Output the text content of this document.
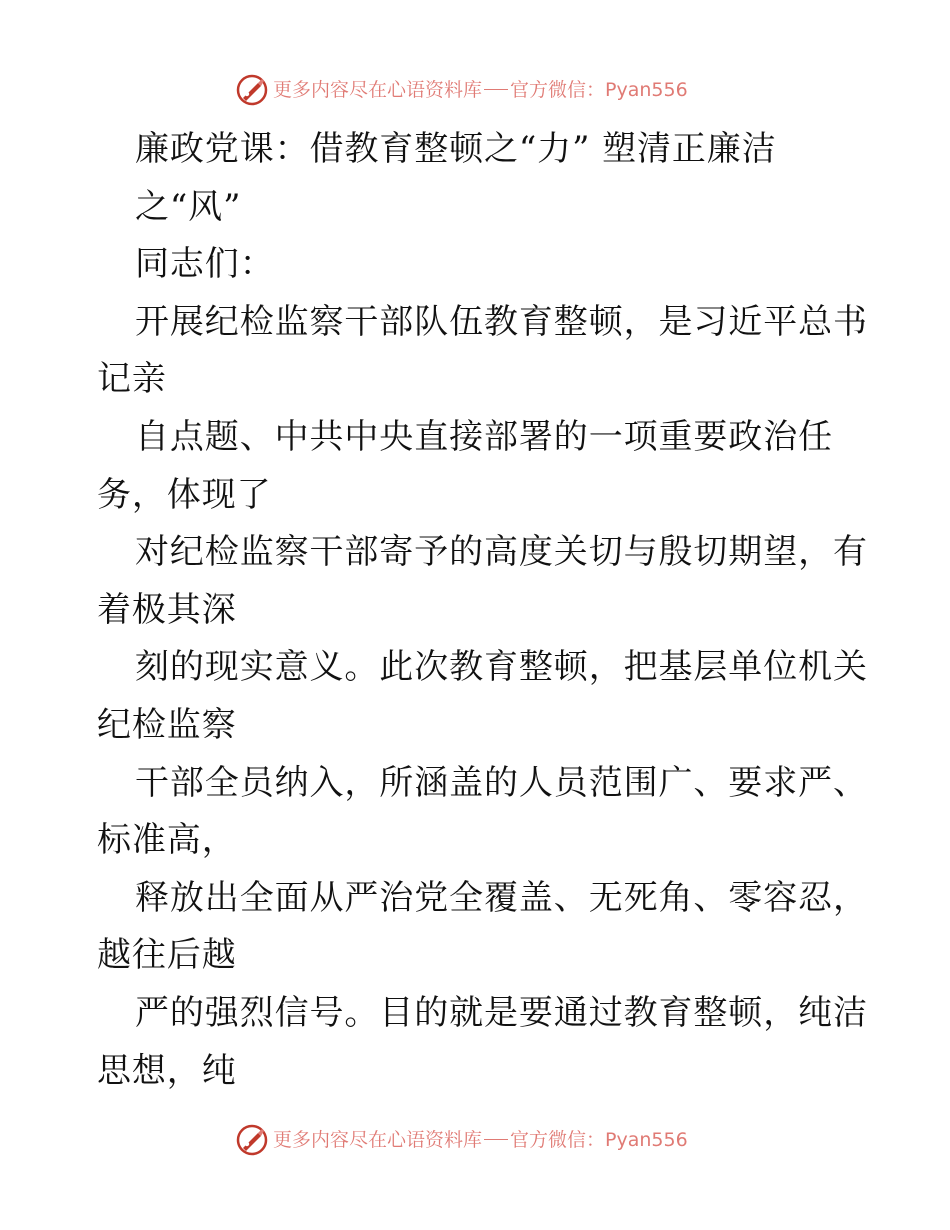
更多内容尽在心语资料库 官方微信：Pyan556
廉政党课：借教育整顿之“力” 塑清正廉洁
之“风”
同志们：
开展纪检监察干部队伍教育整顿，是习近平总书
记亲
自点题、中共中央直接部署的一项重要政治任
务，体现了
对纪检监察干部寄予的高度关切与殷切期望，有
着极其深
刻的现实意义。此次教育整顿，把基层单位机关
纪检监察
干部全员纳入，所涵盖的人员范围广、要求严、
标准高，
释放出全面从严治党全覆盖、无死角、零容忍，
越往后越
严的强烈信号。目的就是要通过教育整顿，纯洁
思想，纯
更多内容尽在心语资料库 官方微信：Pyan556
